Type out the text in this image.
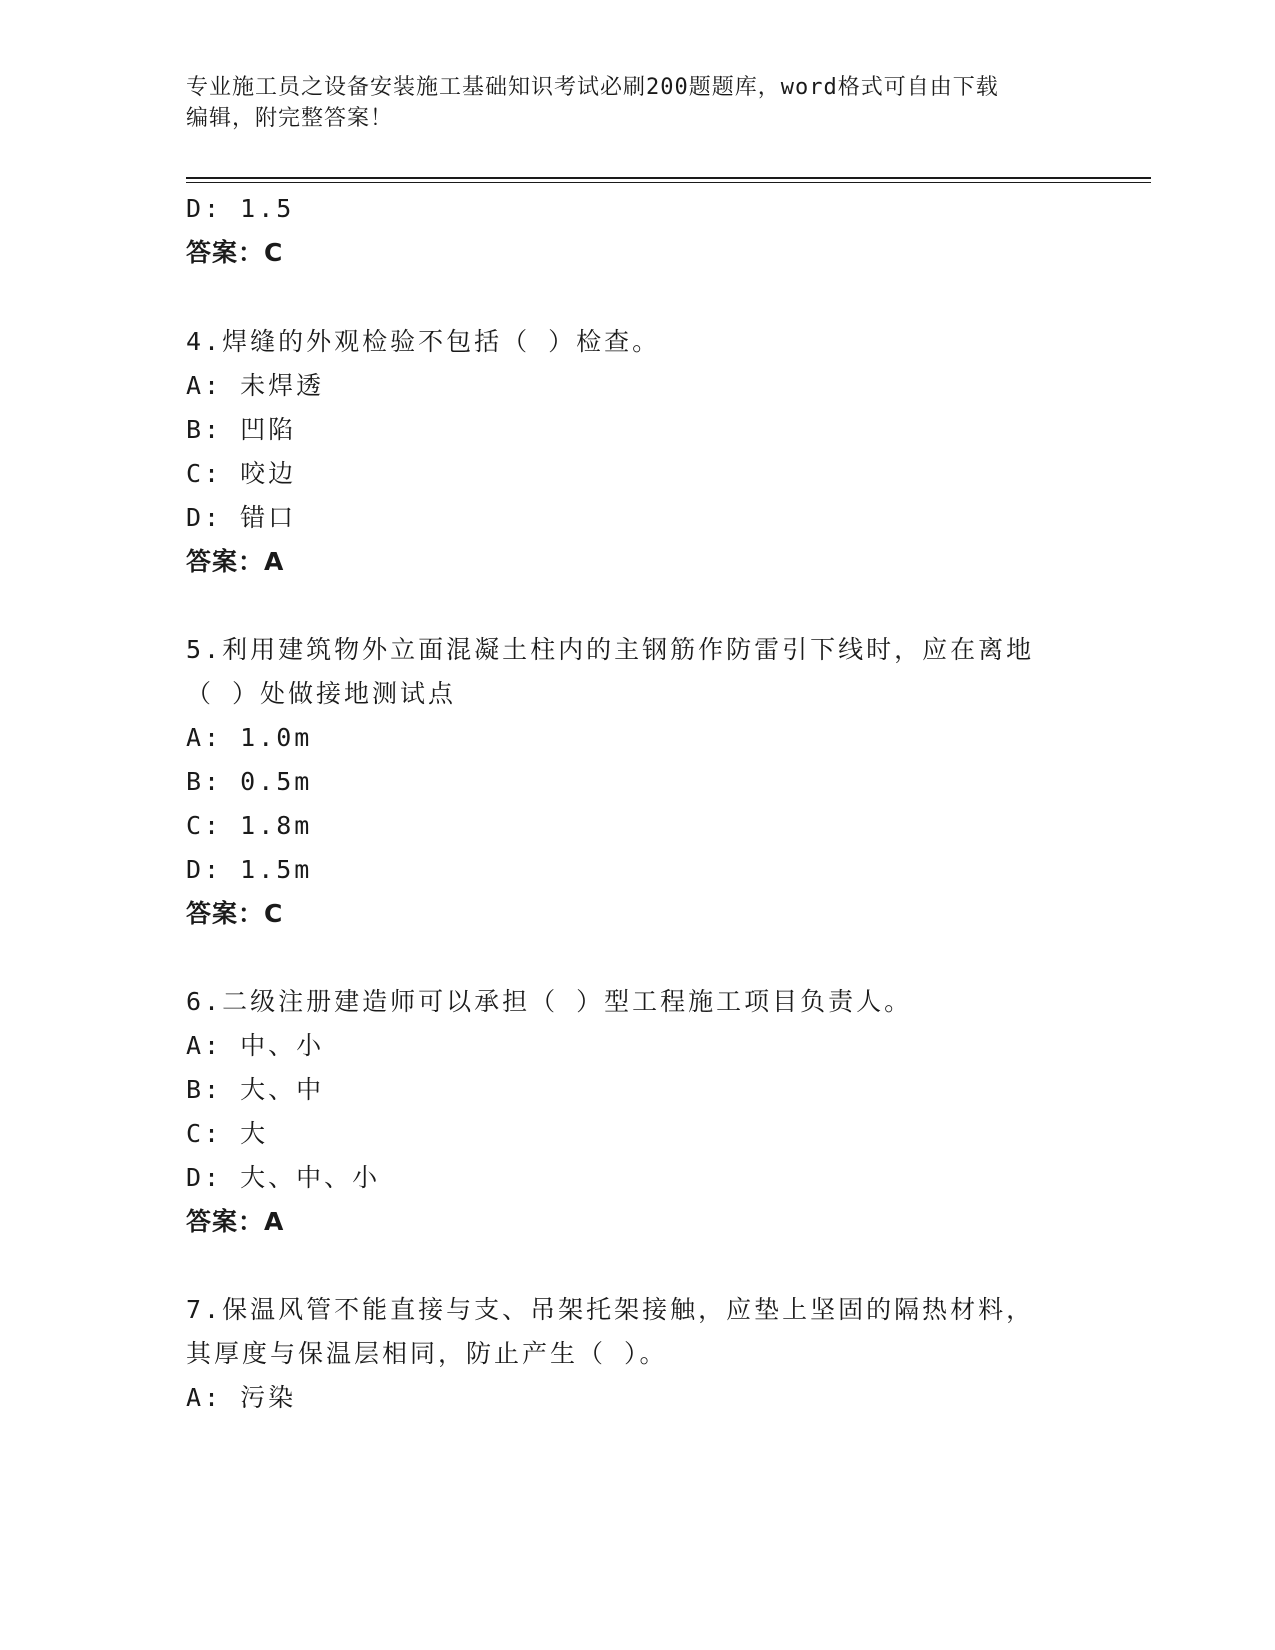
专业施工员之设备安装施工基础知识考试必刷200题题库，word格式可自由下载
编辑，附完整答案！
D: 1.5
答案：C
4.焊缝的外观检验不包括（ ）检查。
A: 未焊透
B: 凹陷
C: 咬边
D: 错口
答案：A
5.利用建筑物外立面混凝土柱内的主钢筋作防雷引下线时，应在离地
（ ）处做接地测试点
A: 1.0m
B: 0.5m
C: 1.8m
D: 1.5m
答案：C
6.二级注册建造师可以承担（ ）型工程施工项目负责人。
A: 中、小
B: 大、中
C: 大
D: 大、中、小
答案：A
7.保温风管不能直接与支、吊架托架接触，应垫上坚固的隔热材料，
其厚度与保温层相同，防止产生（ ）。
A: 污染
